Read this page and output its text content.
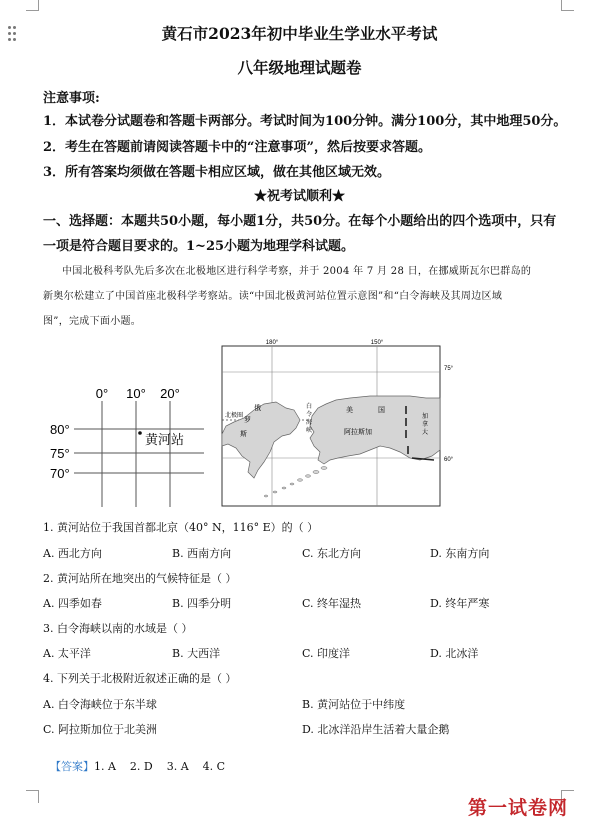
黄石市2023年初中毕业生学业水平考试
八年级地理试题卷
注意事项:
1．本试卷分试题卷和答题卡两部分。考试时间为100分钟。满分100分，其中地理50分。
2．考生在答题前请阅读答题卡中的“注意事项”，然后按要求答题。
3．所有答案均须做在答题卡相应区域，做在其他区域无效。
★祝考试顺利★
一、选择题：本题共50小题，每小题1分，共50分。在每个小题给出的四个选项中，只有
一项是符合题目要求的。1~25小题为地理学科试题。
中国北极科考队先后多次在北极地区进行科学考察，并于 2004 年 7 月 28 日，在挪威斯瓦尔巴群岛的
新奥尔松建立了中国首座北极科学考察站。读“中国北极黄河站位置示意图”和“白令海峡及其周边区域
图”，完成下面小题。
0° 10° 20°
80°
75°
70°
黄河站
180°	150°
75°
60°
北极圈
俄
罗
斯
白
令
海
峡
美	国
阿拉斯加
加
拿
大
1. 黄河站位于我国首都北京（40° N，116° E）的（ ）
A. 西北方向	B. 西南方向	C. 东北方向	D. 东南方向
2. 黄河站所在地突出的气候特征是（ ）
A. 四季如春	B. 四季分明	C. 终年湿热	D. 终年严寒
3. 白令海峡以南的水域是（ ）
A. 太平洋	B. 大西洋	C. 印度洋	D. 北冰洋
4. 下列关于北极附近叙述正确的是（ ）
A. 白令海峡位于东半球	B. 黄河站位于中纬度
C. 阿拉斯加位于北美洲	D. 北冰洋沿岸生活着大量企鹅

【答案】1. A    2. D    3. A    4. C

第一试卷网
